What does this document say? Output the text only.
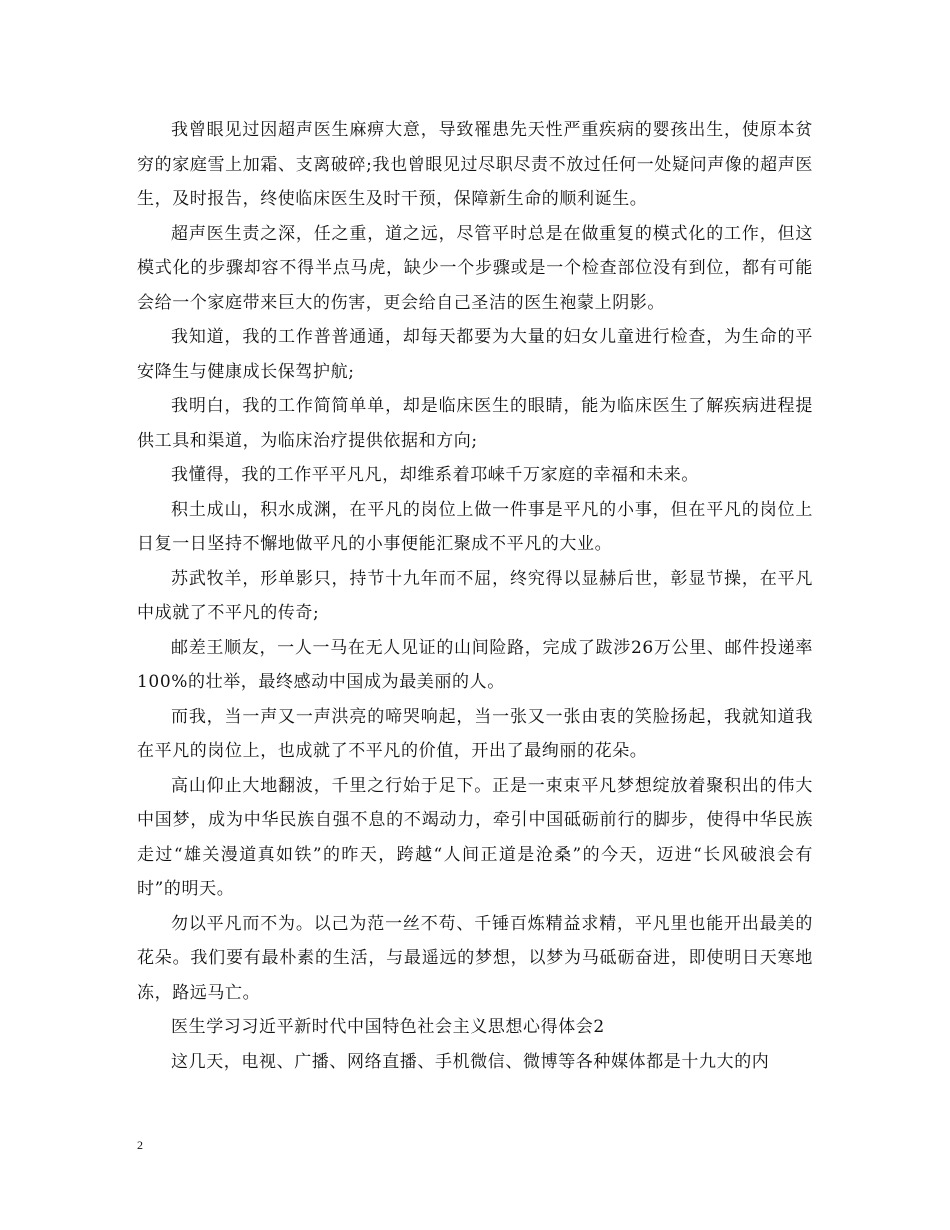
我曾眼见过因超声医生麻痹大意，导致罹患先天性严重疾病的婴孩出生，使原本贫穷的家庭雪上加霜、支离破碎;我也曾眼见过尽职尽责不放过任何一处疑问声像的超声医生，及时报告，终使临床医生及时干预，保障新生命的顺利诞生。

超声医生责之深，任之重，道之远，尽管平时总是在做重复的模式化的工作，但这模式化的步骤却容不得半点马虎，缺少一个步骤或是一个检查部位没有到位，都有可能会给一个家庭带来巨大的伤害，更会给自己圣洁的医生袍蒙上阴影。

我知道，我的工作普普通通，却每天都要为大量的妇女儿童进行检查，为生命的平安降生与健康成长保驾护航;

我明白，我的工作简简单单，却是临床医生的眼睛，能为临床医生了解疾病进程提供工具和渠道，为临床治疗提供依据和方向;

我懂得，我的工作平平凡凡，却维系着邛崃千万家庭的幸福和未来。

积土成山，积水成渊，在平凡的岗位上做一件事是平凡的小事，但在平凡的岗位上日复一日坚持不懈地做平凡的小事便能汇聚成不平凡的大业。

苏武牧羊，形单影只，持节十九年而不屈，终究得以显赫后世，彰显节操，在平凡中成就了不平凡的传奇;

邮差王顺友，一人一马在无人见证的山间险路，完成了跋涉26万公里、邮件投递率100%的壮举，最终感动中国成为最美丽的人。

而我，当一声又一声洪亮的啼哭响起，当一张又一张由衷的笑脸扬起，我就知道我在平凡的岗位上，也成就了不平凡的价值，开出了最绚丽的花朵。

高山仰止大地翻波，千里之行始于足下。正是一束束平凡梦想绽放着聚积出的伟大中国梦，成为中华民族自强不息的不竭动力，牵引中国砥砺前行的脚步，使得中华民族走过“雄关漫道真如铁”的昨天，跨越“人间正道是沧桑”的今天，迈进“长风破浪会有时”的明天。

勿以平凡而不为。以己为范一丝不苟、千锤百炼精益求精，平凡里也能开出最美的花朵。我们要有最朴素的生活，与最遥远的梦想，以梦为马砥砺奋进，即使明日天寒地冻，路远马亡。

医生学习习近平新时代中国特色社会主义思想心得体会2

这几天，电视、广播、网络直播、手机微信、微博等各种媒体都是十九大的内

2
